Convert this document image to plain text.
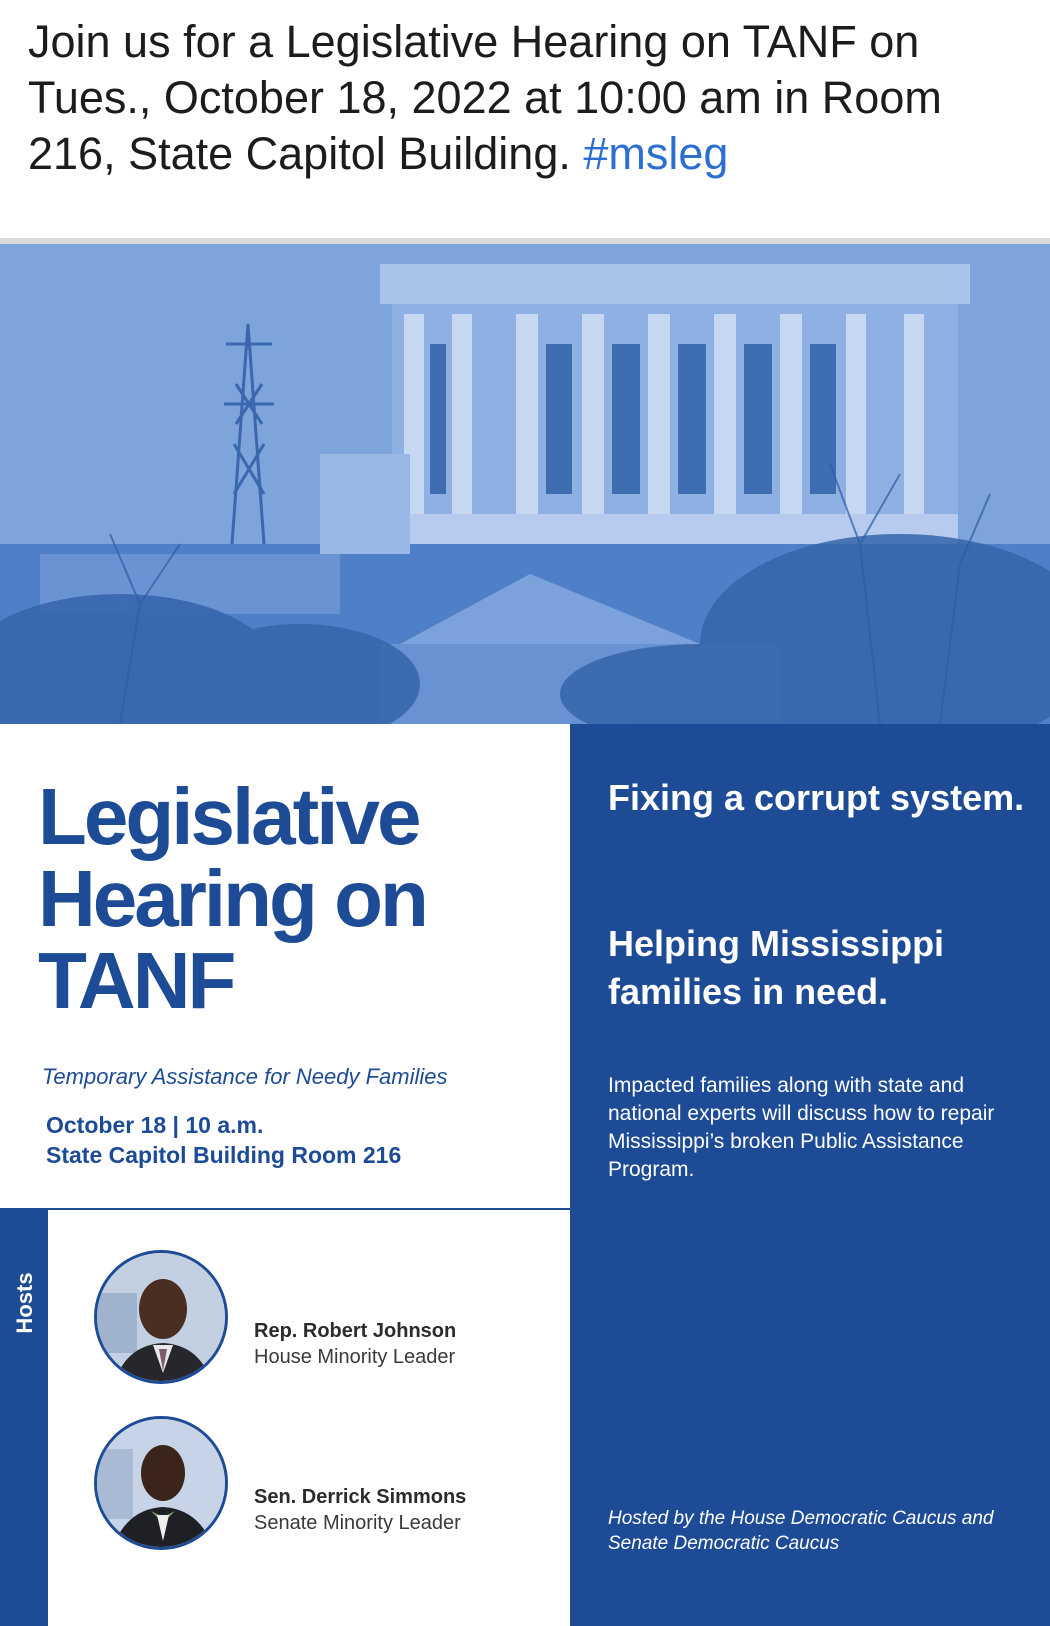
Join us for a Legislative Hearing on TANF on Tues., October 18, 2022 at 10:00 am in Room 216, State Capitol Building. #msleg
Legislative
Hearing on
TANF
Temporary Assistance for Needy Families
October 18 | 10 a.m.
State Capitol Building Room 216
Hosts	Rep. Robert Johnson
House Minority Leader
Sen. Derrick Simmons
Senate Minority Leader
Fixing a corrupt system.
Helping Mississippi families in need.
Impacted families along with state and national experts will discuss how to repair Mississippi’s broken Public Assistance Program.
Hosted by the House Democratic Caucus and Senate Democratic Caucus
